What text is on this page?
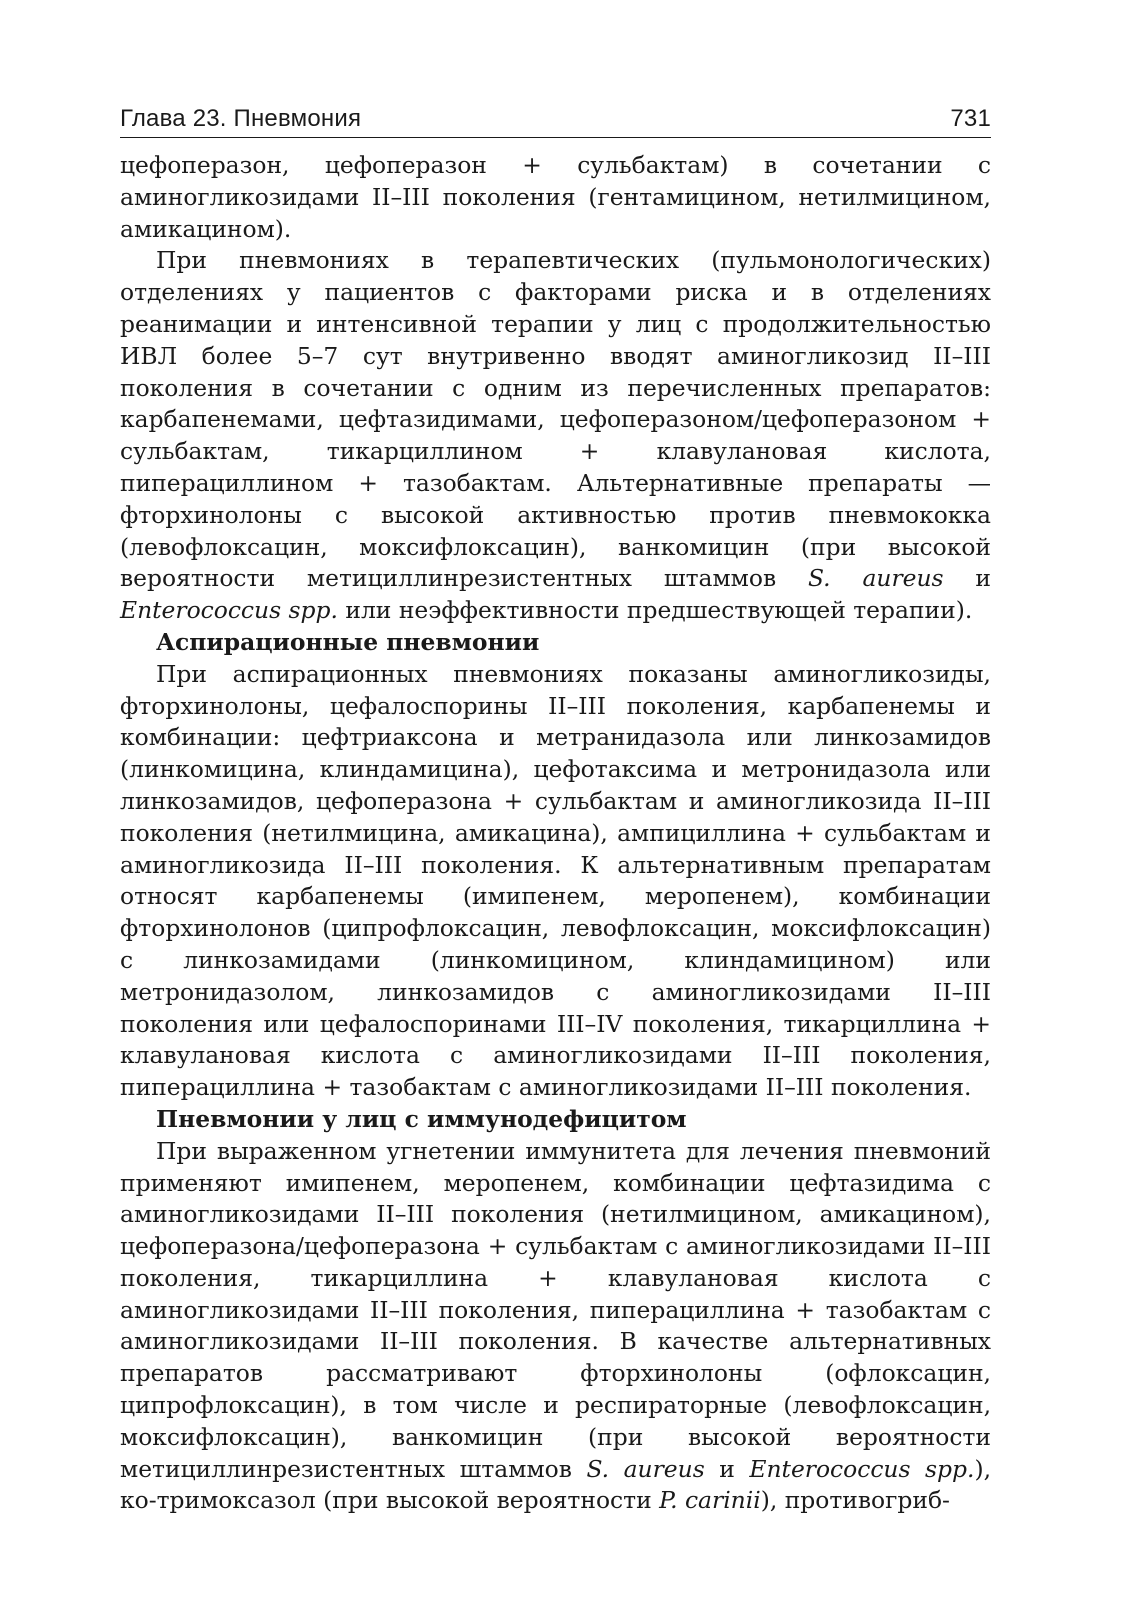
Глава 23. Пневмония	731

цефоперазон, цефоперазон + сульбактам) в сочетании с аминогликозидами II–III поколения (гентамицином, нетилмицином, амикацином).

При пневмониях в терапевтических (пульмонологических) отделениях у пациентов с факторами риска и в отделениях реанимации и интенсивной терапии у лиц с продолжительностью ИВЛ более 5–7 сут внутривенно вводят аминогликозид II–III поколения в сочетании с одним из перечисленных препаратов: карбапенемами, цефтазидимами, цефоперазоном/цефоперазоном + сульбактам, тикарциллином + клавулановая кислота, пиперациллином + тазобактам. Альтернативные препараты — фторхинолоны с высокой активностью против пневмококка (левофлоксацин, моксифлоксацин), ванкомицин (при высокой вероятности метициллинрезистентных штаммов S. aureus и Enterococcus spp. или неэффективности предшествующей терапии).

Аспирационные пневмонии

При аспирационных пневмониях показаны аминогликозиды, фторхинолоны, цефалоспорины II–III поколения, карбапенемы и комбинации: цефтриаксона и метранидазола или линкозамидов (линкомицина, клиндамицина), цефотаксима и метронидазола или линкозамидов, цефоперазона + сульбактам и аминогликозида II–III поколения (нетилмицина, амикацина), ампициллина + сульбактам и аминогликозида II–III поколения. К альтернативным препаратам относят карбапенемы (имипенем, меропенем), комбинации фторхинолонов (ципрофлоксацин, левофлоксацин, моксифлоксацин) с линкозамидами (линкомицином, клиндамицином) или метронидазолом, линкозамидов с аминогликозидами II–III поколения или цефалоспоринами III–IV поколения, тикарциллина + клавулановая кислота с аминогликозидами II–III поколения, пиперациллина + тазобактам с аминогликозидами II–III поколения.

Пневмонии у лиц с иммунодефицитом

При выраженном угнетении иммунитета для лечения пневмоний применяют имипенем, меропенем, комбинации цефтазидима с аминогликозидами II–III поколения (нетилмицином, амикацином), цефоперазона/цефоперазона + сульбактам с аминогликозидами II–III поколения, тикарциллина + клавулановая кислота с аминогликозидами II–III поколения, пиперациллина + тазобактам с аминогликозидами II–III поколения. В качестве альтернативных препаратов рассматривают фторхинолоны (офлоксацин, ципрофлоксацин), в том числе и респираторные (левофлоксацин, моксифлоксацин), ванкомицин (при высокой вероятности метициллинрезистентных штаммов S. aureus и Enterococcus spp.), ко-тримоксазол (при высокой вероятности P. carinii), противогриб-
